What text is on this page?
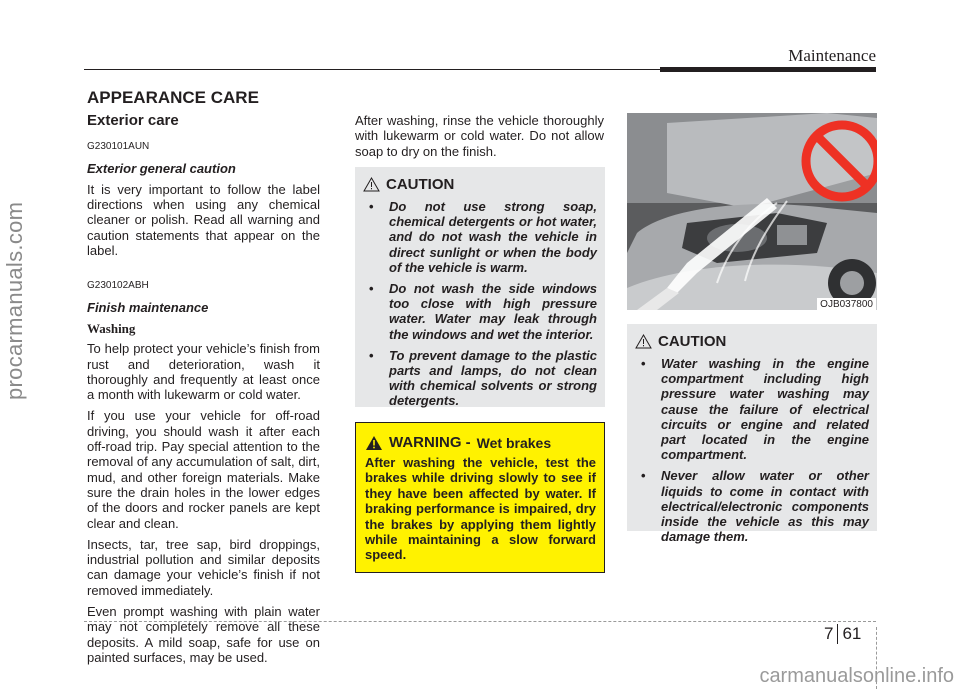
Maintenance
procarmanuals.com
APPEARANCE CARE
Exterior care
G230101AUN
Exterior general caution

It is very important to follow the label directions when using any chemical cleaner or polish. Read all warning and caution statements that appear on the label.

G230102ABH
Finish maintenance
Washing

To help protect your vehicle’s finish from rust and deterioration, wash it thoroughly and frequently at least once a month with lukewarm or cold water.

If you use your vehicle for off-road driving, you should wash it after each off-road trip. Pay special attention to the removal of any accumulation of salt, dirt, mud, and other foreign materials. Make sure the drain holes in the lower edges of the doors and rocker panels are kept clear and clean.

Insects, tar, tree sap, bird droppings, industrial pollution and similar deposits can damage your vehicle’s finish if not removed immediately.

Even prompt washing with plain water may not completely remove all these deposits. A mild soap, safe for use on painted surfaces, may be used.

After washing, rinse the vehicle thoroughly with lukewarm or cold water. Do not allow soap to dry on the finish.
CAUTION
• Do not use strong soap, chemical detergents or hot water, and do not wash the vehicle in direct sunlight or when the body of the vehicle is warm.
• Do not wash the side windows too close with high pressure water. Water may leak through the windows and wet the interior.
• To prevent damage to the plastic parts and lamps, do not clean with chemical solvents or strong detergents.
WARNING - Wet brakes

After washing the vehicle, test the brakes while driving slowly to see if they have been affected by water. If braking performance is impaired, dry the brakes by applying them lightly while maintaining a slow forward speed.

OJB037800
CAUTION
• Water washing in the engine compartment including high pressure water washing may cause the failure of electrical circuits or engine and related part located in the engine compartment.
• Never allow water or other liquids to come in contact with electrical/electronic components inside the vehicle as this may damage them.
7 61
carmanualsonline.info
